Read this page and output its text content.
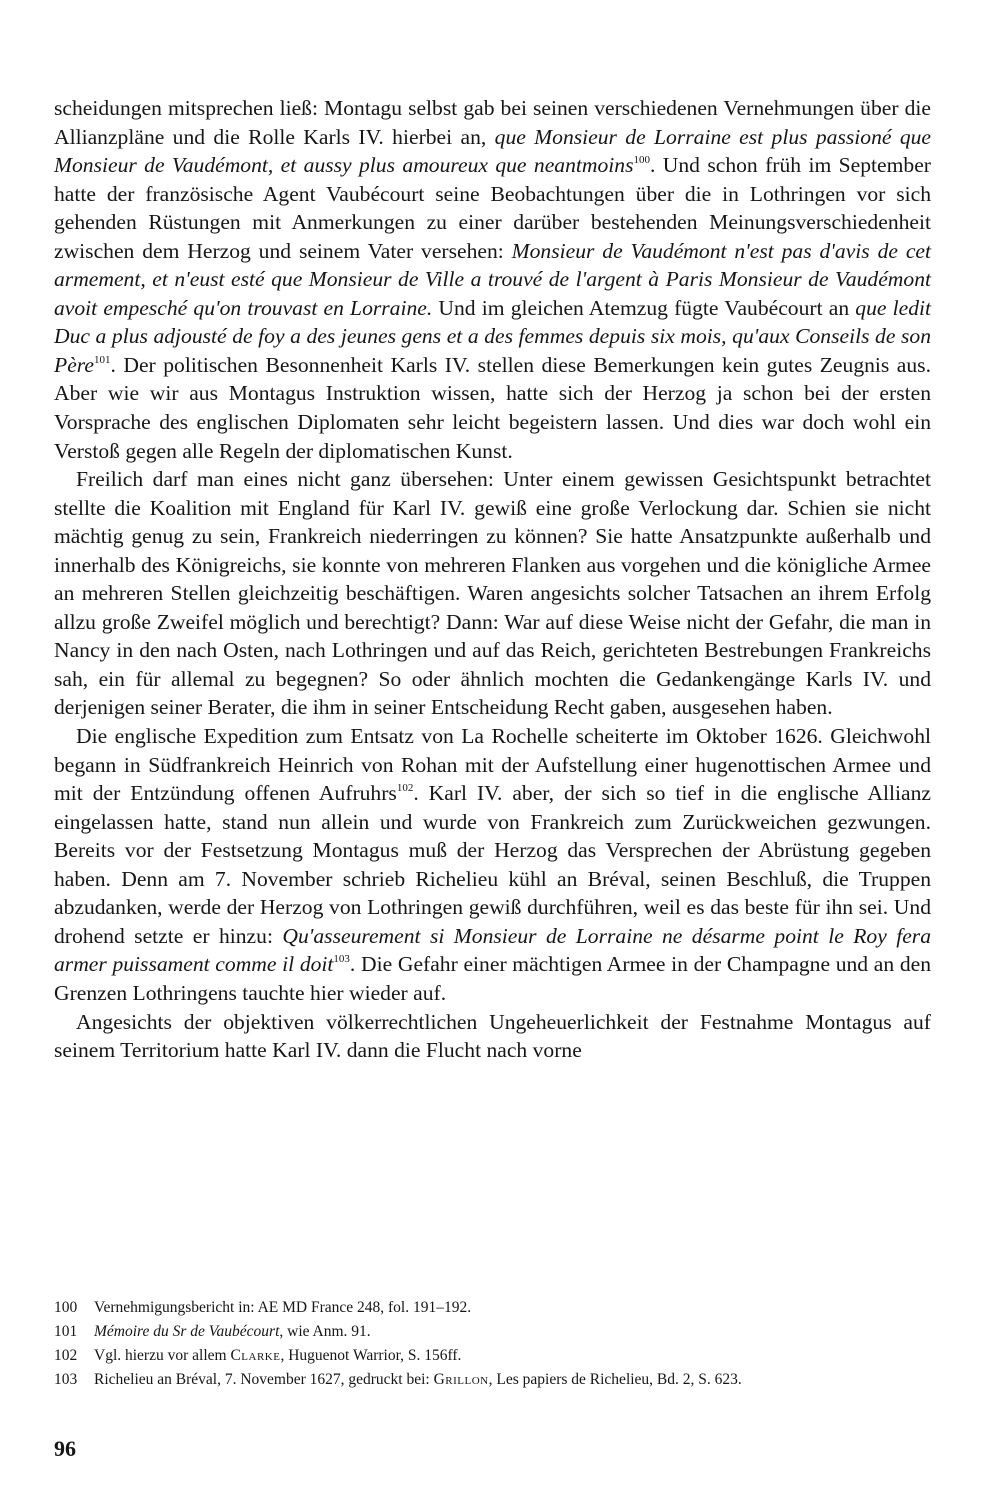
scheidungen mitsprechen ließ: Montagu selbst gab bei seinen verschiedenen Vernehmungen über die Allianzpläne und die Rolle Karls IV. hierbei an, que Monsieur de Lorraine est plus passioné que Monsieur de Vaudémont, et aussy plus amoureux que neantmoins$^{100}$. Und schon früh im September hatte der französische Agent Vaubécourt seine Beobachtungen über die in Lothringen vor sich gehenden Rüstungen mit Anmerkungen zu einer darüber bestehenden Meinungsverschiedenheit zwischen dem Herzog und seinem Vater versehen: Monsieur de Vaudémont n'est pas d'avis de cet armement, et n'eust esté que Monsieur de Ville a trouvé de l'argent à Paris Monsieur de Vaudémont avoit empesché qu'on trouvast en Lorraine. Und im gleichen Atemzug fügte Vaubécourt an que ledit Duc a plus adjousté de foy a des jeunes gens et a des femmes depuis six mois, qu'aux Conseils de son Père$^{101}$. Der politischen Besonnenheit Karls IV. stellen diese Bemerkungen kein gutes Zeugnis aus. Aber wie wir aus Montagus Instruktion wissen, hatte sich der Herzog ja schon bei der ersten Vorsprache des englischen Diplomaten sehr leicht begeistern lassen. Und dies war doch wohl ein Verstoß gegen alle Regeln der diplomatischen Kunst.

Freilich darf man eines nicht ganz übersehen: Unter einem gewissen Gesichtspunkt betrachtet stellte die Koalition mit England für Karl IV. gewiß eine große Verlockung dar. Schien sie nicht mächtig genug zu sein, Frankreich niederringen zu können? Sie hatte Ansatzpunkte außerhalb und innerhalb des Königreichs, sie konnte von mehreren Flanken aus vorgehen und die königliche Armee an mehreren Stellen gleichzeitig beschäftigen. Waren angesichts solcher Tatsachen an ihrem Erfolg allzu große Zweifel möglich und berechtigt? Dann: War auf diese Weise nicht der Gefahr, die man in Nancy in den nach Osten, nach Lothringen und auf das Reich, gerichteten Bestrebungen Frankreichs sah, ein für allemal zu begegnen? So oder ähnlich mochten die Gedankengänge Karls IV. und derjenigen seiner Berater, die ihm in seiner Entscheidung Recht gaben, ausgesehen haben.

Die englische Expedition zum Entsatz von La Rochelle scheiterte im Oktober 1626. Gleichwohl begann in Südfrankreich Heinrich von Rohan mit der Aufstellung einer hugenottischen Armee und mit der Entzündung offenen Aufruhrs$^{102}$. Karl IV. aber, der sich so tief in die englische Allianz eingelassen hatte, stand nun allein und wurde von Frankreich zum Zurückweichen gezwungen. Bereits vor der Festsetzung Montagus muß der Herzog das Versprechen der Abrüstung gegeben haben. Denn am 7. November schrieb Richelieu kühl an Bréval, seinen Beschluß, die Truppen abzudanken, werde der Herzog von Lothringen gewiß durchführen, weil es das beste für ihn sei. Und drohend setzte er hinzu: Qu'asseurement si Monsieur de Lorraine ne désarme point le Roy fera armer puissament comme il doit$^{103}$. Die Gefahr einer mächtigen Armee in der Champagne und an den Grenzen Lothringens tauchte hier wieder auf.

Angesichts der objektiven völkerrechtlichen Ungeheuerlichkeit der Festnahme Montagus auf seinem Territorium hatte Karl IV. dann die Flucht nach vorne

100	Vernehmigungsbericht in: AE MD France 248, fol. 191–192.
101	Mémoire du Sr de Vaubécourt, wie Anm. 91.
102	Vgl. hierzu vor allem Clarke, Huguenot Warrior, S. 156ff.
103	Richelieu an Bréval, 7. November 1627, gedruckt bei: Grillon, Les papiers de Richelieu, Bd. 2, S. 623.
96
